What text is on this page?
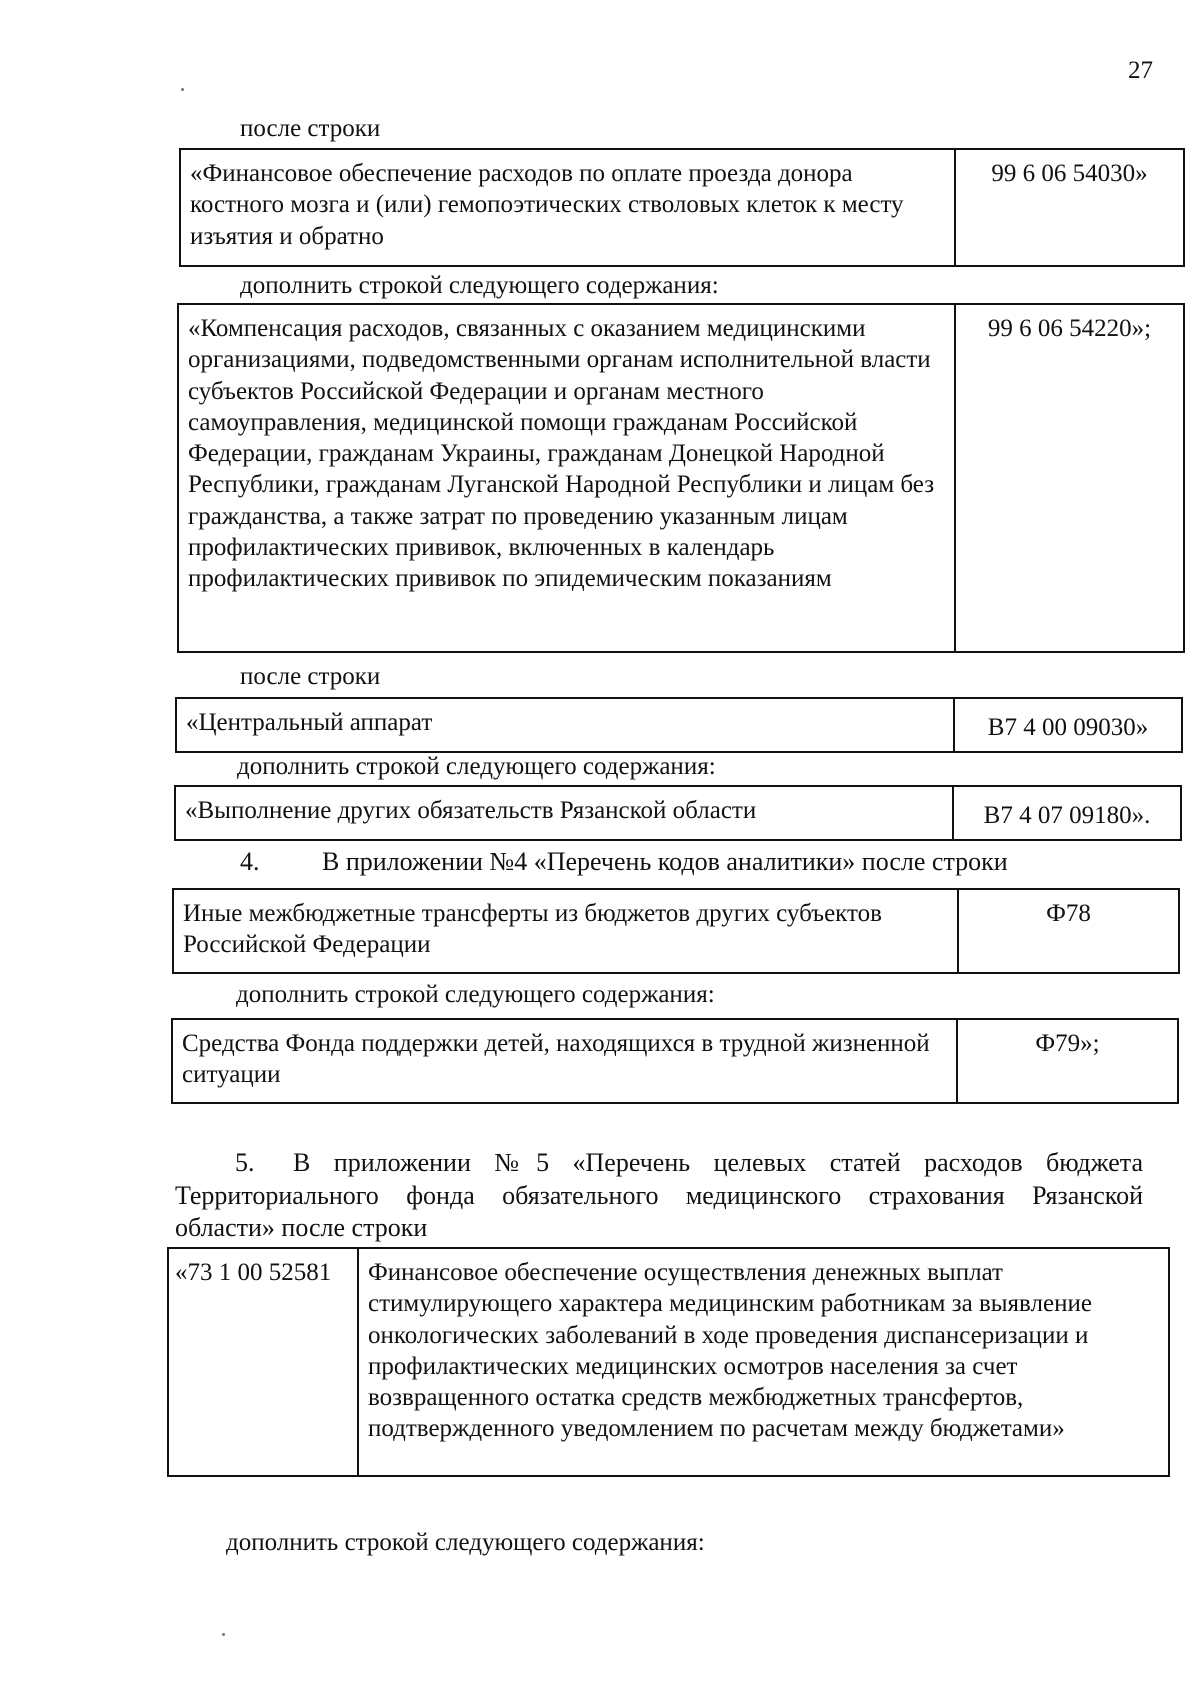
27
после строки
«Финансовое обеспечение расходов по оплате проезда донора костного мозга и (или) гемопоэтических стволовых клеток к месту изъятия и обратно	99 6 06 54030»
дополнить строкой следующего содержания:
«Компенсация расходов, связанных с оказанием медицинскими организациями, подведомственными органам исполнительной власти субъектов Российской Федерации и органам местного самоуправления, медицинской помощи гражданам Российской Федерации, гражданам Украины, гражданам Донецкой Народной Республики, гражданам Луганской Народной Республики и лицам без гражданства, а также затрат по проведению указанным лицам профилактических прививок, включенных в календарь профилактических прививок по эпидемическим показаниям	99 6 06 54220»;
после строки
«Центральный аппарат	В7 4 00 09030»
дополнить строкой следующего содержания:
«Выполнение других обязательств Рязанской области	В7 4 07 09180».
4. В приложении №4 «Перечень кодов аналитики» после строки
Иные межбюджетные трансферты из бюджетов других субъектов Российской Федерации	Ф78
дополнить строкой следующего содержания:
Средства Фонда поддержки детей, находящихся в трудной жизненной ситуации	Ф79»;
5. В приложении №5 «Перечень целевых статей расходов бюджета
Территориального фонда обязательного медицинского страхования Рязанской области» после строки
«73 1 00 52581	Финансовое обеспечение осуществления денежных выплат стимулирующего характера медицинским работникам за выявление онкологических заболеваний в ходе проведения диспансеризации и профилактических медицинских осмотров населения за счет возвращенного остатка средств межбюджетных трансфертов, подтвержденного уведомлением по расчетам между бюджетами»
дополнить строкой следующего содержания:
